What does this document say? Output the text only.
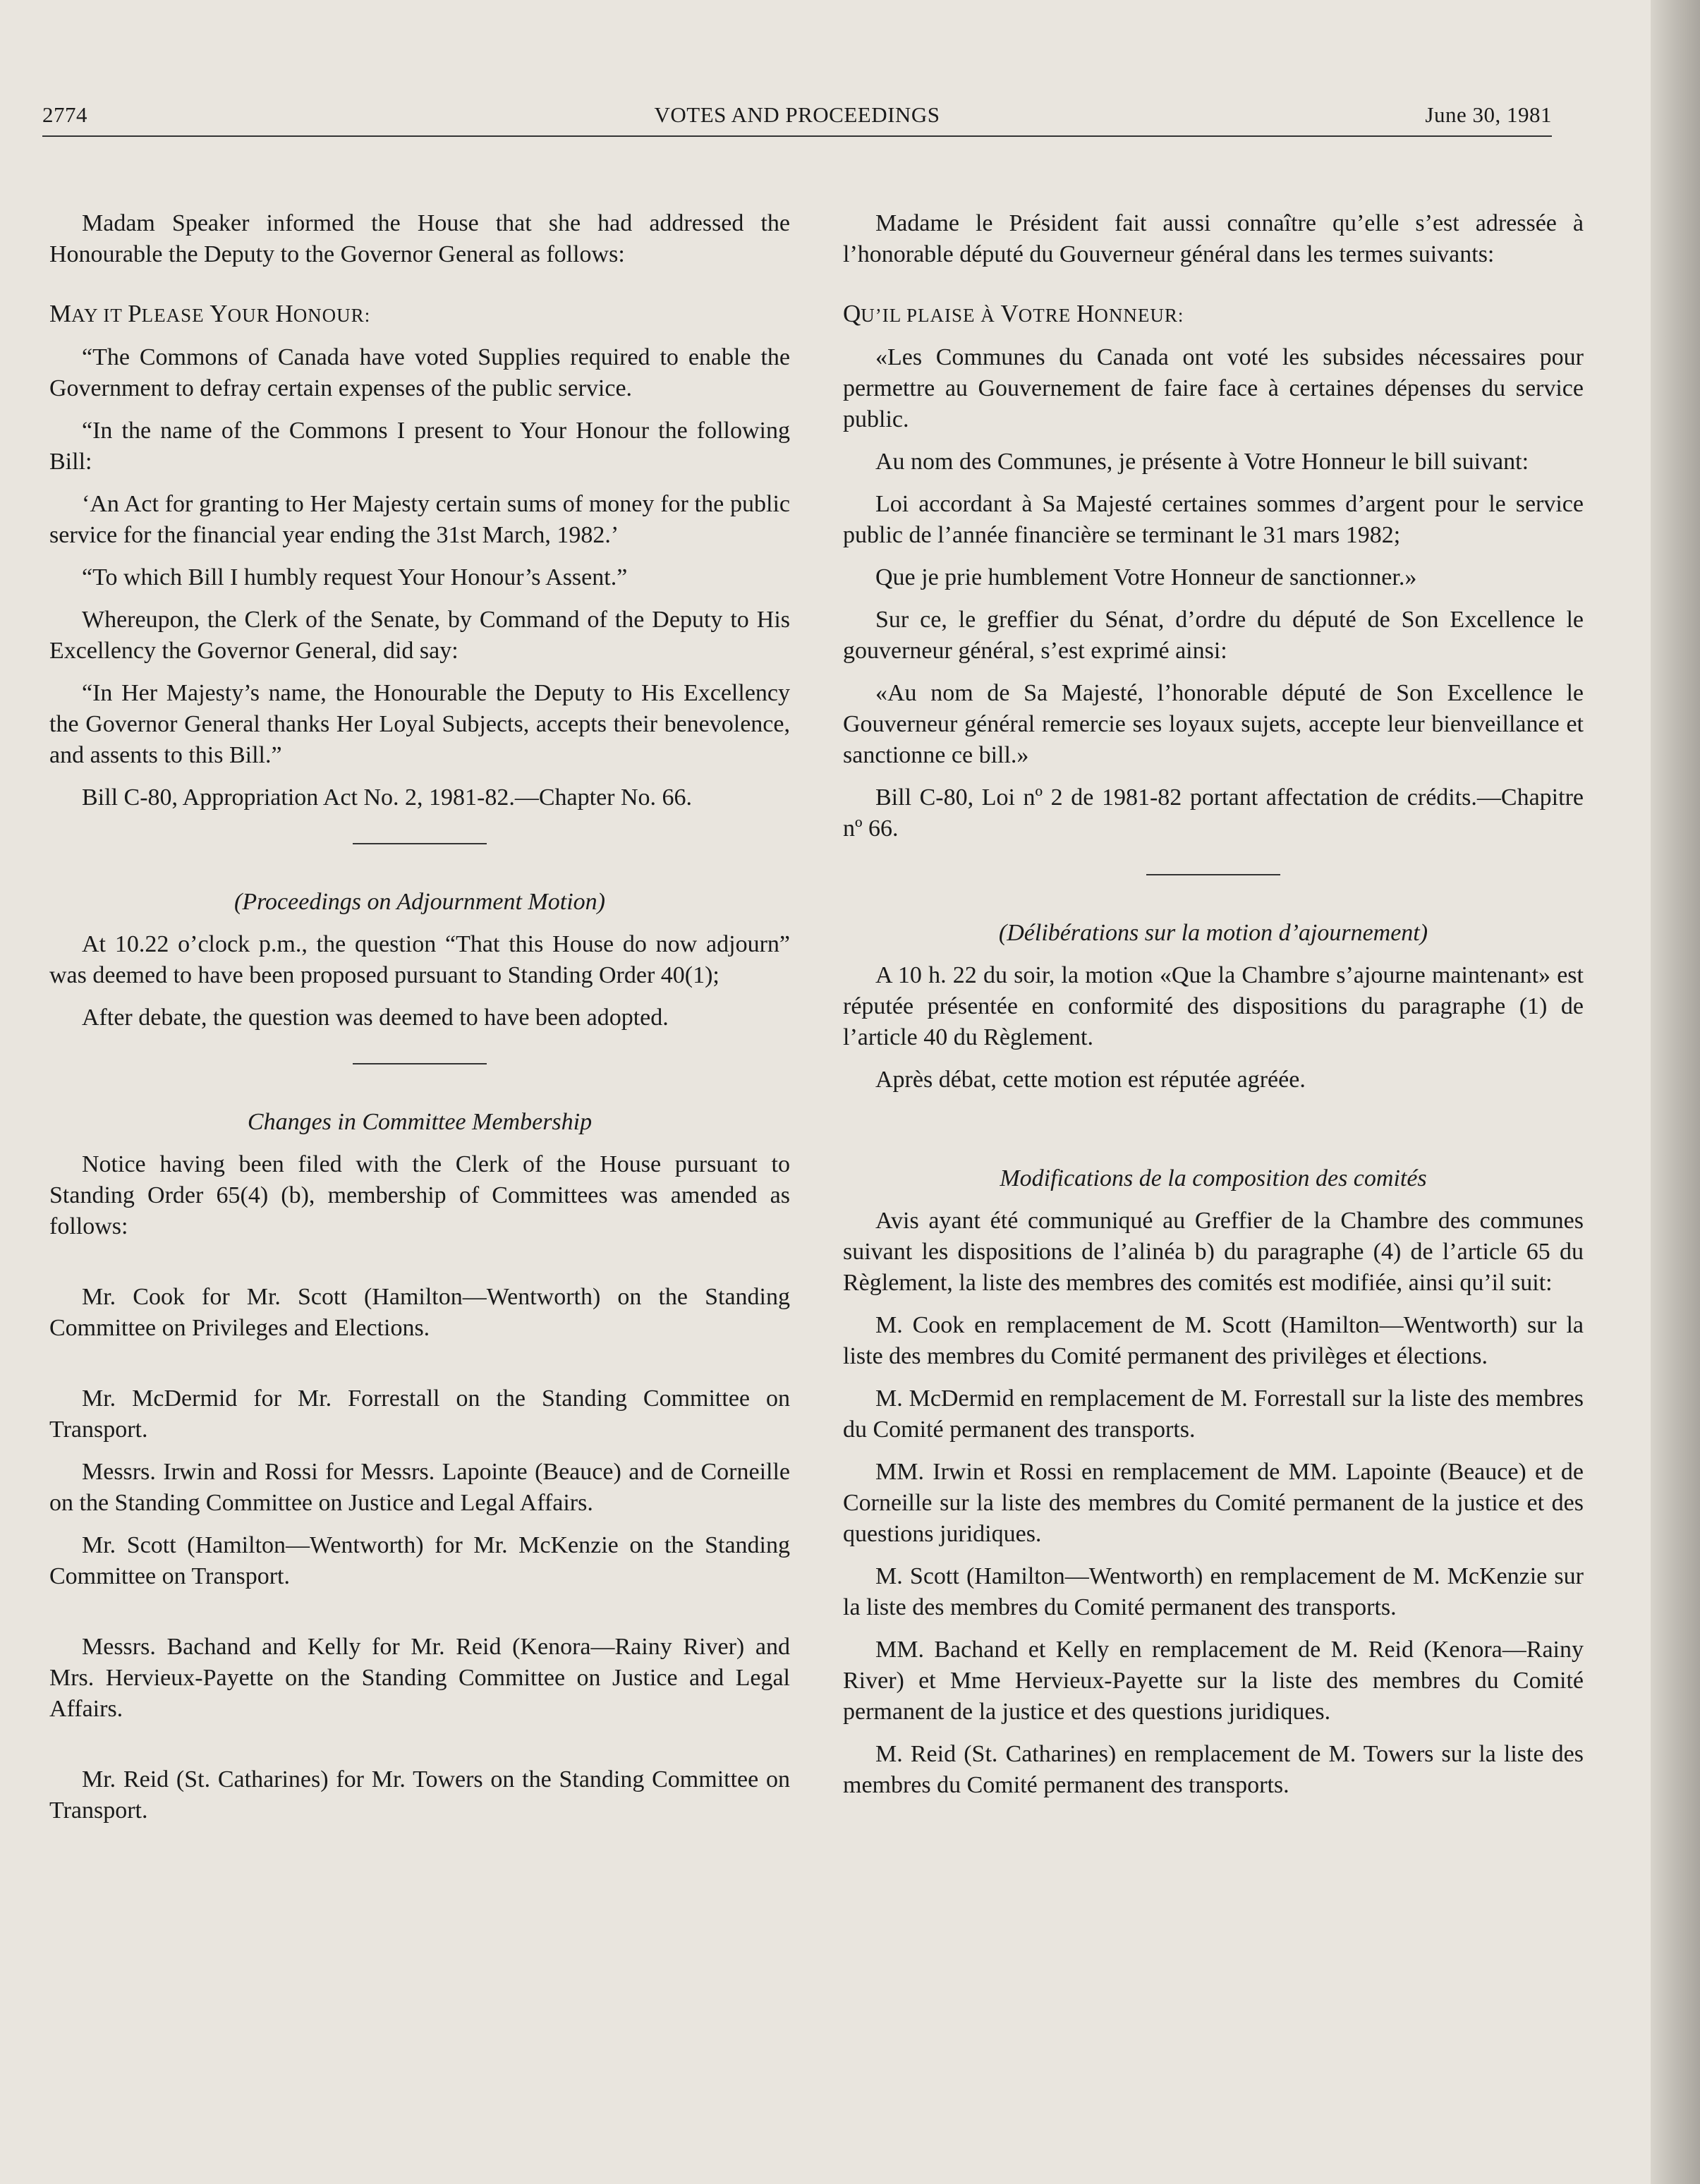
2774	VOTES AND PROCEEDINGS	June 30, 1981

Madam Speaker informed the House that she had addressed the Honourable the Deputy to the Governor General as follows:

MAY IT PLEASE YOUR HONOUR:

“The Commons of Canada have voted Supplies required to enable the Government to defray certain expenses of the public service.

“In the name of the Commons I present to Your Honour the following Bill:

‘An Act for granting to Her Majesty certain sums of money for the public service for the financial year ending the 31st March, 1982.’

“To which Bill I humbly request Your Honour’s Assent.”

Whereupon, the Clerk of the Senate, by Command of the Deputy to His Excellency the Governor General, did say:

“In Her Majesty’s name, the Honourable the Deputy to His Excellency the Governor General thanks Her Loyal Subjects, accepts their benevolence, and assents to this Bill.”

Bill C-80, Appropriation Act No. 2, 1981-82.—Chapter No. 66.

(Proceedings on Adjournment Motion)

At 10.22 o’clock p.m., the question “That this House do now adjourn” was deemed to have been proposed pursuant to Standing Order 40(1);

After debate, the question was deemed to have been adopted.

Changes in Committee Membership

Notice having been filed with the Clerk of the House pursuant to Standing Order 65(4) (b), membership of Committees was amended as follows:

Mr. Cook for Mr. Scott (Hamilton—Wentworth) on the Standing Committee on Privileges and Elections.

Mr. McDermid for Mr. Forrestall on the Standing Committee on Transport.

Messrs. Irwin and Rossi for Messrs. Lapointe (Beauce) and de Corneille on the Standing Committee on Justice and Legal Affairs.

Mr. Scott (Hamilton—Wentworth) for Mr. McKenzie on the Standing Committee on Transport.

Messrs. Bachand and Kelly for Mr. Reid (Kenora—Rainy River) and Mrs. Hervieux-Payette on the Standing Committee on Justice and Legal Affairs.

Mr. Reid (St. Catharines) for Mr. Towers on the Standing Committee on Transport.

Madame le Président fait aussi connaître qu’elle s’est adressée à l’honorable député du Gouverneur général dans les termes suivants:

QU’IL PLAISE À VOTRE HONNEUR:

«Les Communes du Canada ont voté les subsides nécessaires pour permettre au Gouvernement de faire face à certaines dépenses du service public.

Au nom des Communes, je présente à Votre Honneur le bill suivant:

Loi accordant à Sa Majesté certaines sommes d’argent pour le service public de l’année financière se terminant le 31 mars 1982;

Que je prie humblement Votre Honneur de sanctionner.»

Sur ce, le greffier du Sénat, d’ordre du député de Son Excellence le gouverneur général, s’est exprimé ainsi:

«Au nom de Sa Majesté, l’honorable député de Son Excellence le Gouverneur général remercie ses loyaux sujets, accepte leur bienveillance et sanctionne ce bill.»

Bill C-80, Loi nº 2 de 1981-82 portant affectation de crédits.—Chapitre nº 66.

(Délibérations sur la motion d’ajournement)

A 10 h. 22 du soir, la motion «Que la Chambre s’ajourne maintenant» est réputée présentée en conformité des dispositions du paragraphe (1) de l’article 40 du Règlement.

Après débat, cette motion est réputée agréée.

Modifications de la composition des comités

Avis ayant été communiqué au Greffier de la Chambre des communes suivant les dispositions de l’alinéa b) du paragraphe (4) de l’article 65 du Règlement, la liste des membres des comités est modifiée, ainsi qu’il suit:

M. Cook en remplacement de M. Scott (Hamilton—Wentworth) sur la liste des membres du Comité permanent des privilèges et élections.

M. McDermid en remplacement de M. Forrestall sur la liste des membres du Comité permanent des transports.

MM. Irwin et Rossi en remplacement de MM. Lapointe (Beauce) et de Corneille sur la liste des membres du Comité permanent de la justice et des questions juridiques.

M. Scott (Hamilton—Wentworth) en remplacement de M. McKenzie sur la liste des membres du Comité permanent des transports.

MM. Bachand et Kelly en remplacement de M. Reid (Kenora—Rainy River) et Mme Hervieux-Payette sur la liste des membres du Comité permanent de la justice et des questions juridiques.

M. Reid (St. Catharines) en remplacement de M. Towers sur la liste des membres du Comité permanent des transports.
